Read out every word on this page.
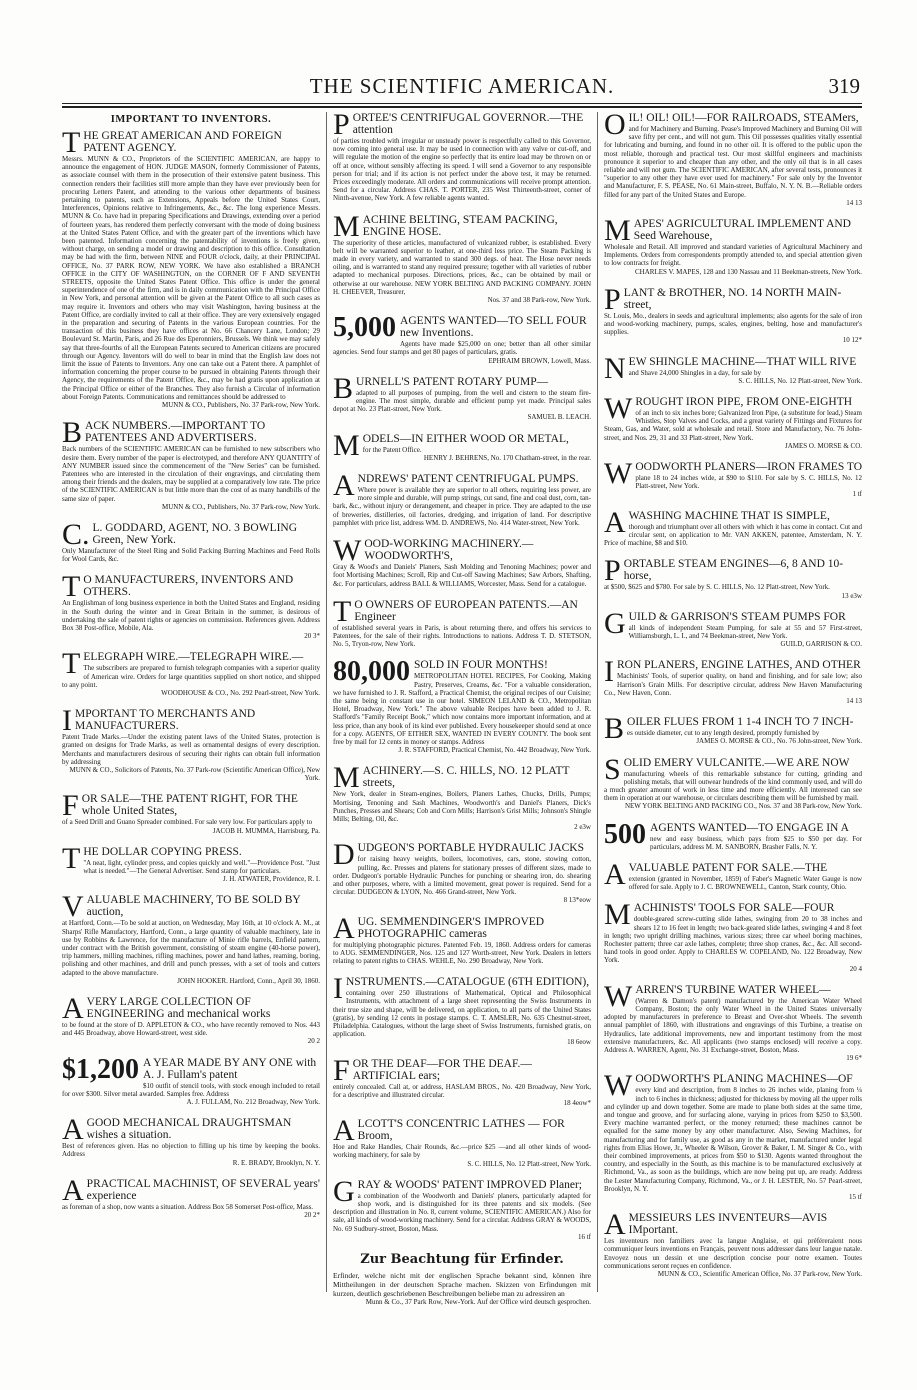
THE SCIENTIFIC AMERICAN.	319
IMPORTANT TO INVENTORS.
THE GREAT AMERICAN AND FOREIGN PATENT AGENCY.
Messrs. MUNN & CO., Proprietors of the SCIENTIFIC AMERICAN, are happy to announce the engagement of HON. JUDGE MASON, formerly Commissioner of Patents, as associate counsel with them in the prosecution of their extensive patent business. This connection renders their facilities still more ample than they have ever previously been for procuring Letters Patent, and attending to the various other departments of business pertaining to patents, such as Extensions, Appeals before the United States Court, Interferences, Opinions relative to Infringements, &c., &c. The long experience Messrs. MUNN & Co. have had in preparing Specifications and Drawings, extending over a period of fourteen years, has rendered them perfectly conversant with the mode of doing business at the United States Patent Office, and with the greater part of the inventions which have been patented. Information concerning the patentability of inventions is freely given, without charge, on sending a model or drawing and description to this office. Consultation may be had with the firm, between NINE and FOUR o'clock, daily, at their PRINCIPAL OFFICE, No. 37 PARK ROW, NEW YORK. We have also established a BRANCH OFFICE in the CITY OF WASHINGTON, on the CORNER OF F AND SEVENTH STREETS, opposite the United States Patent Office. This office is under the general superintendence of one of the firm, and is in daily communication with the Principal Office in New York, and personal attention will be given at the Patent Office to all such cases as may require it. Inventors and others who may visit Washington, having business at the Patent Office, are cordially invited to call at their office. They are very extensively engaged in the preparation and securing of Patents in the various European countries. For the transaction of this business they have offices at No. 66 Chancery Lane, London; 29 Boulevard St. Martin, Paris, and 26 Rue des Eperonniers, Brussels. We think we may safely say that three-fourths of all the European Patents secured to American citizens are procured through our Agency. Inventors will do well to bear in mind that the English law does not limit the issue of Patents to Inventors. Any one can take out a Patent there. A pamphlet of information concerning the proper course to be pursued in obtaining Patents through their Agency, the requirements of the Patent Office, &c., may be had gratis upon application at the Principal Office or either of the Branches. They also furnish a Circular of information about Foreign Patents. Communications and remittances should be addressed to
MUNN & CO., Publishers, No. 37 Park-row, New York.
BACK NUMBERS.—IMPORTANT TO PATENTEES AND ADVERTISERS.
Back numbers of the SCIENTIFIC AMERICAN can be furnished to new subscribers who desire them. Every number of the paper is electrotyped, and therefore ANY QUANTITY of ANY NUMBER issued since the commencement of the "New Series" can be furnished. Patentees who are interested in the circulation of their engravings, and circulating them among their friends and the dealers, may be supplied at a comparatively low rate. The price of the SCIENTIFIC AMERICAN is but little more than the cost of as many handbills of the same size of paper.
MUNN & CO., Publishers, No. 37 Park-row, New York.
C.L. GODDARD, AGENT, NO. 3 BOWLING Green, New York.
Only Manufacturer of the Steel Ring and Solid Packing Burring Machines and Feed Rolls for Wool Cards, &c.
TO MANUFACTURERS, INVENTORS AND OTHERS.
An Englishman of long business experience in both the United States and England, residing in the South during the winter and in Great Britain in the summer, is desirous of undertaking the sale of patent rights or agencies on commission. References given. Address Box 38 Post-office, Mobile, Ala.
20 3*
TELEGRAPH WIRE.—TELEGRAPH WIRE.—
The subscribers are prepared to furnish telegraph companies with a superior quality of American wire. Orders for large quantities supplied on short notice, and shipped to any point.
WOODHOUSE & CO., No. 292 Pearl-street, New York.
IMPORTANT TO MERCHANTS AND MANUFACTURERS.
Patent Trade Marks.—Under the existing patent laws of the United States, protection is granted on designs for Trade Marks, as well as ornamental designs of every description. Merchants and manufacturers desirous of securing their rights can obtain full information by addressing
MUNN & CO., Solicitors of Patents, No. 37 Park-row (Scientific American Office), New York.
FOR SALE—THE PATENT RIGHT, FOR THE whole United States,
of a Seed Drill and Guano Spreader combined. For sale very low. For particulars apply to
JACOB H. MUMMA, Harrisburg, Pa.
THE DOLLAR COPYING PRESS.
"A neat, light, cylinder press, and copies quickly and well."—Providence Post. "Just what is needed."—The General Advertiser. Send stamp for particulars.
J. H. ATWATER, Providence, R. I.
VALUABLE MACHINERY, TO BE SOLD BY auction,
at Hartford, Conn.—To be sold at auction, on Wednesday, May 16th, at 10 o'clock A. M., at Sharps' Rifle Manufactory, Hartford, Conn., a large quantity of valuable machinery, late in use by Robbins & Lawrence, for the manufacture of Minie rifle barrels, Enfield pattern, under contract with the British government, consisting of steam engine (40-horse power), trip hammers, milling machines, rifling machines, power and hand lathes, reaming, boring, polishing and other machines, and drill and punch presses, with a set of tools and cutters adapted to the above manufacture.
JOHN HOOKER. Hartford, Conn., April 30, 1860.
AVERY LARGE COLLECTION OF ENGINEERING and mechanical works
to be found at the store of D. APPLETON & CO., who have recently removed to Nos. 443 and 445 Broadway, above Howard-street, west side.
20 2
$1,200 A YEAR MADE BY ANY ONE with A. J. Fullam's patent
$10 outfit of stencil tools, with stock enough included to retail for over $300. Silver metal awarded. Samples free. Address
A. J. FULLAM, No. 212 Broadway, New York.
AGOOD MECHANICAL DRAUGHTSMAN wishes a situation.
Best of references given. Has no objection to filling up his time by keeping the books. Address
R. E. BRADY, Brooklyn, N. Y.
APRACTICAL MACHINIST, OF SEVERAL years' experience
as foreman of a shop, now wants a situation. Address Box 58 Somerset Post-office, Mass.
20 2*
PORTEE'S CENTRIFUGAL GOVERNOR.—THE attention
of parties troubled with irregular or unsteady power is respectfully called to this Governor, now coming into general use. It may be used in connection with any valve or cut-off, and will regulate the motion of the engine so perfectly that its entire load may be thrown on or off at once, without sensibly affecting its speed. I will send a Governor to any responsible person for trial; and if its action is not perfect under the above test, it may be returned. Prices exceedingly moderate. All orders and communications will receive prompt attention. Send for a circular. Address CHAS. T. PORTER, 235 West Thirteenth-street, corner of Ninth-avenue, New York. A few reliable agents wanted.
MACHINE BELTING, STEAM PACKING, ENGINE HOSE.
The superiority of these articles, manufactured of vulcanized rubber, is established. Every belt will be warranted superior to leather, at one-third less price. The Steam Packing is made in every variety, and warranted to stand 300 degs. of heat. The Hose never needs oiling, and is warranted to stand any required pressure; together with all varieties of rubber adapted to mechanical purposes. Directions, prices, &c., can be obtained by mail or otherwise at our warehouse. NEW YORK BELTING AND PACKING COMPANY. JOHN H. CHEEVER, Treasurer,
Nos. 37 and 38 Park-row, New York.
5,000 AGENTS WANTED—TO SELL FOUR new Inventions.
Agents have made $25,000 on one; better than all other similar agencies. Send four stamps and get 80 pages of particulars, gratis.
EPHRAIM BROWN, Lowell, Mass.
BURNELL'S PATENT ROTARY PUMP—
adapted to all purposes of pumping, from the well and cistern to the steam fire-engine. The most simple, durable and efficient pump yet made. Principal sales depot at No. 23 Platt-street, New York.
SAMUEL B. LEACH.
MODELS—IN EITHER WOOD OR METAL,
for the Patent Office.
HENRY J. BEHRENS, No. 170 Chatham-street, in the rear.
ANDREWS' PATENT CENTRIFUGAL PUMPS.
Where power is available they are superior to all others, requiring less power, are more simple and durable, will pump strings, cut sand, fine and coal dust, corn, tan-bark, &c., without injury or derangement, and cheaper in price. They are adapted to the use of breweries, distilleries, oil factories, dredging, and irrigation of land. For descriptive pamphlet with price list, address WM. D. ANDREWS, No. 414 Water-street, New York.
WOOD-WORKING MACHINERY.—WOODWORTH'S,
Gray & Wood's and Daniels' Planers, Sash Molding and Tenoning Machines; power and foot Mortising Machines; Scroll, Rip and Cut-off Sawing Machines; Saw Arbors, Shafting, &c. For particulars, address BALL & WILLIAMS, Worcester, Mass. Send for a catalogue.
TO OWNERS OF EUROPEAN PATENTS.—AN Engineer
of established several years in Paris, is about returning there, and offers his services to Patentees, for the sale of their rights. Introductions to nations. Address T. D. STETSON, No. 5, Tryon-row, New York.
80,000 SOLD IN FOUR MONTHS!
METROPOLITAN HOTEL RECIPES, For Cooking, Making Pastry, Preserves, Creams, &c. "For a valuable consideration, we have furnished to J. R. Stafford, a Practical Chemist, the original recipes of our Cuisine; the same being in constant use in our hotel. SIMEON LELAND & CO., Metropolitan Hotel, Broadway, New York." The above valuable Recipes have been added to J. R. Stafford's "Family Receipt Book," which now contains more important information, and at less price, than any book of its kind ever published. Every housekeeper should send at once for a copy. AGENTS, OF EITHER SEX, WANTED IN EVERY COUNTY. The book sent free by mail for 12 cents in money or stamps. Address
J. R. STAFFORD, Practical Chemist, No. 442 Broadway, New York.
MACHINERY.—S. C. HILLS, NO. 12 PLATT streets,
New York, dealer in Steam-engines, Boilers, Planers Lathes, Chucks, Drills, Pumps; Mortising, Tenoning and Sash Machines, Woodworth's and Daniel's Planers, Dick's Punches, Presses and Shears; Cob and Corn Mills; Harrison's Grist Mills; Johnson's Shingle Mills; Belting, Oil, &c.
2 e3w
DUDGEON'S PORTABLE HYDRAULIC JACKS
for raising heavy weights, boilers, locomotives, cars, stone, stowing cotton, pulling, &c. Presses and platens for stationary presses of different sizes, made to order. Dudgeon's portable Hydraulic Punches for punching or shearing iron, do. shearing and other purposes, where, with a limited movement, great power is required. Send for a circular. DUDGEON & LYON, No. 466 Grand-street, New York.
8 13*eow
AUG. SEMMENDINGER'S IMPROVED PHOTOGRAPHIC cameras
for multiplying photographic pictures. Patented Feb. 19, 1860. Address orders for cameras to AUG. SEMMENDINGER, Nos. 125 and 127 Worth-street, New York. Dealers in letters relating to patent rights to CHAS. WEHLE, No. 290 Broadway, New York.
INSTRUMENTS.—CATALOGUE (6TH EDITION),
containing over 250 illustrations of Mathematical, Optical and Philosophical Instruments, with attachment of a large sheet representing the Swiss Instruments in their true size and shape, will be delivered, on application, to all parts of the United States (gratis), by sending 12 cents in postage stamps. C. T. AMSLER, No. 635 Chestnut-street, Philadelphia. Catalogues, without the large sheet of Swiss Instruments, furnished gratis, on application.
18 6eow
FOR THE DEAF—FOR THE DEAF.—ARTIFICIAL ears;
entirely concealed. Call at, or address, HASLAM BROS., No. 420 Broadway, New York, for a descriptive and illustrated circular.
18 4eow*
ALCOTT'S CONCENTRIC LATHES — FOR Broom,
Hoe and Rake Handles, Chair Rounds, &c.—price $25 —and all other kinds of wood-working machinery, for sale by
S. C. HILLS, No. 12 Platt-street, New York.
GRAY & WOODS' PATENT IMPROVED Planer;
a combination of the Woodworth and Daniels' planers, particularly adapted for shop work, and is distinguished for its three patents and six models. (See description and illustration in No. 8, current volume, SCIENTIFIC AMERICAN.) Also for sale, all kinds of wood-working machinery. Send for a circular. Address GRAY & WOODS, No. 69 Sudbury-street, Boston, Mass.
16 tf
Zur Beachtung für Erfinder.
Erfinder, welche nicht mit der englischen Sprache bekannt sind, können ihre Mittheilungen in der deutschen Sprache machen. Skizzen von Erfindungen mit kurzen, deutlich geschriebenen Beschreibungen beliebe man zu adressiren an
Munn & Co., 37 Park Row, New-York. Auf der Office wird deutsch gesprochen.
OIL! OIL! OIL!—FOR RAILROADS, STEAMers,
and for Machinery and Burning. Pease's Improved Machinery and Burning Oil will save fifty per cent., and will not gum. This Oil possesses qualities vitally essential for lubricating and burning, and found in no other oil. It is offered to the public upon the most reliable, thorough and practical test. Our most skillful engineers and machinists pronounce it superior to and cheaper than any other, and the only oil that is in all cases reliable and will not gum. The SCIENTIFIC AMERICAN, after several tests, pronounces it "superior to any other they have ever used for machinery." For sale only by the Inventor and Manufacturer, F. S. PEASE, No. 61 Main-street, Buffalo, N. Y. N. B.—Reliable orders filled for any part of the United States and Europe.
14 13
MAPES' AGRICULTURAL IMPLEMENT AND Seed Warehouse,
Wholesale and Retail. All improved and standard varieties of Agricultural Machinery and Implements. Orders from correspondents promptly attended to, and special attention given to low contracts for freight.
CHARLES V. MAPES, 128 and 130 Nassau and 11 Beekman-streets, New York.
PLANT & BROTHER, NO. 14 NORTH MAIN-street,
St. Louis, Mo., dealers in seeds and agricultural implements; also agents for the sale of iron and wood-working machinery, pumps, scales, engines, belting, hose and manufacturer's supplies.
10 12*
NEW SHINGLE MACHINE—THAT WILL RIVE
and Shave 24,000 Shingles in a day, for sale by
S. C. HILLS, No. 12 Platt-street, New York.
WROUGHT IRON PIPE, FROM ONE-EIGHTH
of an inch to six inches bore; Galvanized Iron Pipe, (a substitute for lead,) Steam Whistles, Stop Valves and Cocks, and a great variety of Fittings and Fixtures for Steam, Gas, and Water, sold at wholesale and retail. Store and Manufactory, No. 76 John-street, and Nos. 29, 31 and 33 Platt-street, New York.
JAMES O. MORSE & CO.
WOODWORTH PLANERS—IRON FRAMES TO
plane 18 to 24 inches wide, at $90 to $110. For sale by S. C. HILLS, No. 12 Platt-street, New York.
1 tf
AWASHING MACHINE THAT IS SIMPLE,
thorough and triumphant over all others with which it has come in contact. Cut and circular sent, on application to Mr. VAN AKKEN, patentee, Amsterdam, N. Y. Price of machine, $8 and $10.
PORTABLE STEAM ENGINES—6, 8 AND 10-horse,
at $500, $625 and $780. For sale by S. C. HILLS, No. 12 Platt-street, New York.
13 e3w
GUILD & GARRISON'S STEAM PUMPS FOR
all kinds of independent Steam Pumping, for sale at 55 and 57 First-street, Williamsburgh, L. I., and 74 Beekman-street, New York.
GUILD, GARRISON & CO.
IRON PLANERS, ENGINE LATHES, AND OTHER
Machinists' Tools, of superior quality, on hand and finishing, and for sale low; also Harrison's Grain Mills. For descriptive circular, address New Haven Manufacturing Co., New Haven, Conn.
14 13
BOILER FLUES FROM 1 1-4 INCH TO 7 INCH-
es outside diameter, cut to any length desired, promptly furnished by
JAMES O. MORSE & CO., No. 76 John-street, New York.
SOLID EMERY VULCANITE.—WE ARE NOW
manufacturing wheels of this remarkable substance for cutting, grinding and polishing metals, that will outwear hundreds of the kind commonly used, and will do a much greater amount of work in less time and more efficiently. All interested can see them in operation at our warehouse, or circulars describing them will be furnished by mail.
NEW YORK BELTING AND PACKING CO., Nos. 37 and 38 Park-row, New York.
500 AGENTS WANTED—TO ENGAGE IN A
new and easy business, which pays from $25 to $50 per day. For particulars, address M. M. SANBORN, Brasher Falls, N. Y.
AVALUABLE PATENT FOR SALE.—THE
extension (granted in November, 1859) of Faber's Magnetic Water Gauge is now offered for sale. Apply to J. C. BROWNEWELL, Canton, Stark county, Ohio.
MACHINISTS' TOOLS FOR SALE—FOUR
double-geared screw-cutting slide lathes, swinging from 20 to 38 inches and shears 12 to 16 feet in length; two back-geared slide lathes, swinging 4 and 8 feet in length; two upright drilling machines, various sizes; three car wheel boring machines, Rochester pattern; three car axle lathes, complete; three shop cranes, &c., &c. All second-hand tools in good order. Apply to CHARLES W. COPELAND, No. 122 Broadway, New York.
20 4
WARREN'S TURBINE WATER WHEEL—
(Warren & Damon's patent) manufactured by the American Water Wheel Company, Boston; the only Water Wheel in the United States universally adopted by manufacturers in preference to Breast and Over-shot Wheels. The seventh annual pamphlet of 1860, with illustrations and engravings of this Turbine, a treatise on Hydraulics, late additional improvements, new and important testimony from the most extensive manufacturers, &c. All applicants (two stamps enclosed) will receive a copy. Address A. WARREN, Agent, No. 31 Exchange-street, Boston, Mass.
19 6*
WOODWORTH'S PLANING MACHINES—OF
every kind and description, from 8 inches to 26 inches wide, planing from ¼ inch to 6 inches in thickness; adjusted for thickness by moving all the upper rolls and cylinder up and down together. Some are made to plane both sides at the same time, and tongue and groove, and for surfacing alone, varying in prices from $250 to $3,500. Every machine warranted perfect, or the money returned; these machines cannot be equalled for the same money by any other manufacturer. Also, Sewing Machines, for manufacturing and for family use, as good as any in the market, manufactured under legal rights from Elias Howe, Jr., Wheeler & Wilson, Grover & Baker, I. M. Singer & Co., with their combined improvements, at prices from $50 to $130. Agents wanted throughout the country, and especially in the South, as this machine is to be manufactured exclusively at Richmond, Va., as soon as the buildings, which are now being put up, are ready. Address the Lester Manufacturing Company, Richmond, Va., or J. H. LESTER, No. 57 Pearl-street, Brooklyn, N. Y.
15 tf
AMESSIEURS LES INVENTEURS—AVIS IMportant.
Les inventeurs non familiers avec la langue Anglaise, et qui préféreraient nous communiquer leurs inventions en Français, peuvent nous addresser dans leur langue natale. Envoyez nous un dessin et une description concise pour notre examen. Toutes communications seront reçues en confidence.
MUNN & CO., Scientific American Office, No. 37 Park-row, New York.
